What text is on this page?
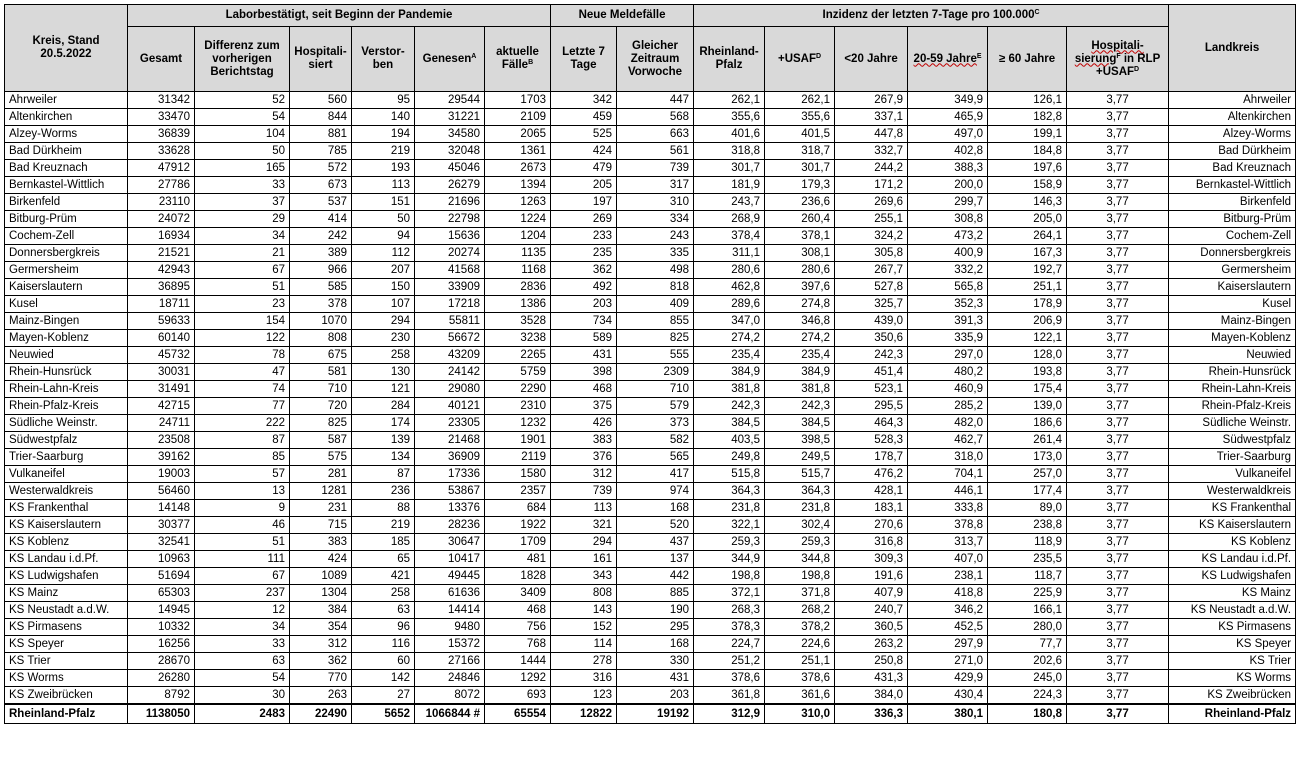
Kreis, Stand 20.5.2022	Laborbestätigt, seit Beginn der Pandemie						Neue Meldefälle		Inzidenz der letzten 7-Tage pro $100.000^C$						Landkreis
	Gesamt	Differenz zum vorherigen Berichtstag	Hospitali-siert	Verstor-ben	Genesen$^A$	aktuelle Fälle$^B$	Letzte 7 Tage	Gleicher Zeitraum Vorwoche	Rheinland-Pfalz	$+USAF^D$	<20 Jahre	20-59 Jahre$^E$	≥ 60 Jahre	Hospitali-
sierung$^F$ in RLP
$+USAF^D$
Ahrweiler	31342	52	560	95	29544	1703	342	447	262,1	262,1	267,9	349,9	126,1	3,77	Ahrweiler
Altenkirchen	33470	54	844	140	31221	2109	459	568	355,6	355,6	337,1	465,9	182,8	3,77	Altenkirchen
Alzey-Worms	36839	104	881	194	34580	2065	525	663	401,6	401,5	447,8	497,0	199,1	3,77	Alzey-Worms
Bad Dürkheim	33628	50	785	219	32048	1361	424	561	318,8	318,7	332,7	402,8	184,8	3,77	Bad Dürkheim
Bad Kreuznach	47912	165	572	193	45046	2673	479	739	301,7	301,7	244,2	388,3	197,6	3,77	Bad Kreuznach
Bernkastel-Wittlich	27786	33	673	113	26279	1394	205	317	181,9	179,3	171,2	200,0	158,9	3,77	Bernkastel-Wittlich
Birkenfeld	23110	37	537	151	21696	1263	197	310	243,7	236,6	269,6	299,7	146,3	3,77	Birkenfeld
Bitburg-Prüm	24072	29	414	50	22798	1224	269	334	268,9	260,4	255,1	308,8	205,0	3,77	Bitburg-Prüm
Cochem-Zell	16934	34	242	94	15636	1204	233	243	378,4	378,1	324,2	473,2	264,1	3,77	Cochem-Zell
Donnersbergkreis	21521	21	389	112	20274	1135	235	335	311,1	308,1	305,8	400,9	167,3	3,77	Donnersbergkreis
Germersheim	42943	67	966	207	41568	1168	362	498	280,6	280,6	267,7	332,2	192,7	3,77	Germersheim
Kaiserslautern	36895	51	585	150	33909	2836	492	818	462,8	397,6	527,8	565,8	251,1	3,77	Kaiserslautern
Kusel	18711	23	378	107	17218	1386	203	409	289,6	274,8	325,7	352,3	178,9	3,77	Kusel
Mainz-Bingen	59633	154	1070	294	55811	3528	734	855	347,0	346,8	439,0	391,3	206,9	3,77	Mainz-Bingen
Mayen-Koblenz	60140	122	808	230	56672	3238	589	825	274,2	274,2	350,6	335,9	122,1	3,77	Mayen-Koblenz
Neuwied	45732	78	675	258	43209	2265	431	555	235,4	235,4	242,3	297,0	128,0	3,77	Neuwied
Rhein-Hunsrück	30031	47	581	130	24142	5759	398	2309	384,9	384,9	451,4	480,2	193,8	3,77	Rhein-Hunsrück
Rhein-Lahn-Kreis	31491	74	710	121	29080	2290	468	710	381,8	381,8	523,1	460,9	175,4	3,77	Rhein-Lahn-Kreis
Rhein-Pfalz-Kreis	42715	77	720	284	40121	2310	375	579	242,3	242,3	295,5	285,2	139,0	3,77	Rhein-Pfalz-Kreis
Südliche Weinstr.	24711	222	825	174	23305	1232	426	373	384,5	384,5	464,3	482,0	186,6	3,77	Südliche Weinstr.
Südwestpfalz	23508	87	587	139	21468	1901	383	582	403,5	398,5	528,3	462,7	261,4	3,77	Südwestpfalz
Trier-Saarburg	39162	85	575	134	36909	2119	376	565	249,8	249,5	178,7	318,0	173,0	3,77	Trier-Saarburg
Vulkaneifel	19003	57	281	87	17336	1580	312	417	515,8	515,7	476,2	704,1	257,0	3,77	Vulkaneifel
Westerwaldkreis	56460	13	1281	236	53867	2357	739	974	364,3	364,3	428,1	446,1	177,4	3,77	Westerwaldkreis
KS Frankenthal	14148	9	231	88	13376	684	113	168	231,8	231,8	183,1	333,8	89,0	3,77	KS Frankenthal
KS Kaiserslautern	30377	46	715	219	28236	1922	321	520	322,1	302,4	270,6	378,8	238,8	3,77	KS Kaiserslautern
KS Koblenz	32541	51	383	185	30647	1709	294	437	259,3	259,3	316,8	313,7	118,9	3,77	KS Koblenz
KS Landau i.d.Pf.	10963	111	424	65	10417	481	161	137	344,9	344,8	309,3	407,0	235,5	3,77	KS Landau i.d.Pf.
KS Ludwigshafen	51694	67	1089	421	49445	1828	343	442	198,8	198,8	191,6	238,1	118,7	3,77	KS Ludwigshafen
KS Mainz	65303	237	1304	258	61636	3409	808	885	372,1	371,8	407,9	418,8	225,9	3,77	KS Mainz
KS Neustadt a.d.W.	14945	12	384	63	14414	468	143	190	268,3	268,2	240,7	346,2	166,1	3,77	KS Neustadt a.d.W.
KS Pirmasens	10332	34	354	96	9480	756	152	295	378,3	378,2	360,5	452,5	280,0	3,77	KS Pirmasens
KS Speyer	16256	33	312	116	15372	768	114	168	224,7	224,6	263,2	297,9	77,7	3,77	KS Speyer
KS Trier	28670	63	362	60	27166	1444	278	330	251,2	251,1	250,8	271,0	202,6	3,77	KS Trier
KS Worms	26280	54	770	142	24846	1292	316	431	378,6	378,6	431,3	429,9	245,0	3,77	KS Worms
KS Zweibrücken	8792	30	263	27	8072	693	123	203	361,8	361,6	384,0	430,4	224,3	3,77	KS Zweibrücken
Rheinland-Pfalz	1138050	2483	22490	5652	1066844 #	65554	12822	19192	312,9	310,0	336,3	380,1	180,8	3,77	Rheinland-Pfalz
